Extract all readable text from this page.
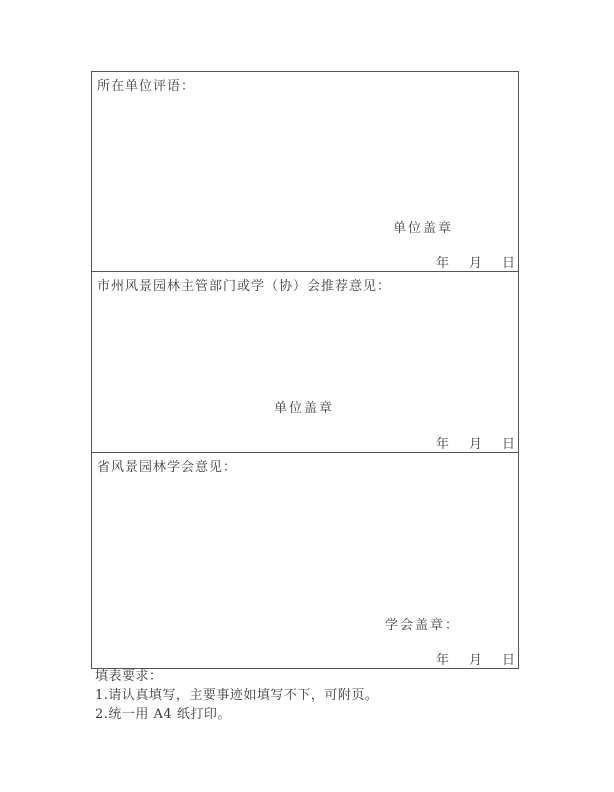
所在单位评语：
单位盖章
年 月 日
市州风景园林主管部门或学（协）会推荐意见：
单位盖章
年 月 日
省风景园林学会意见：
学会盖章：
年 月 日
填表要求：
1.请认真填写，主要事迹如填写不下，可附页。
2.统一用 A4 纸打印。
